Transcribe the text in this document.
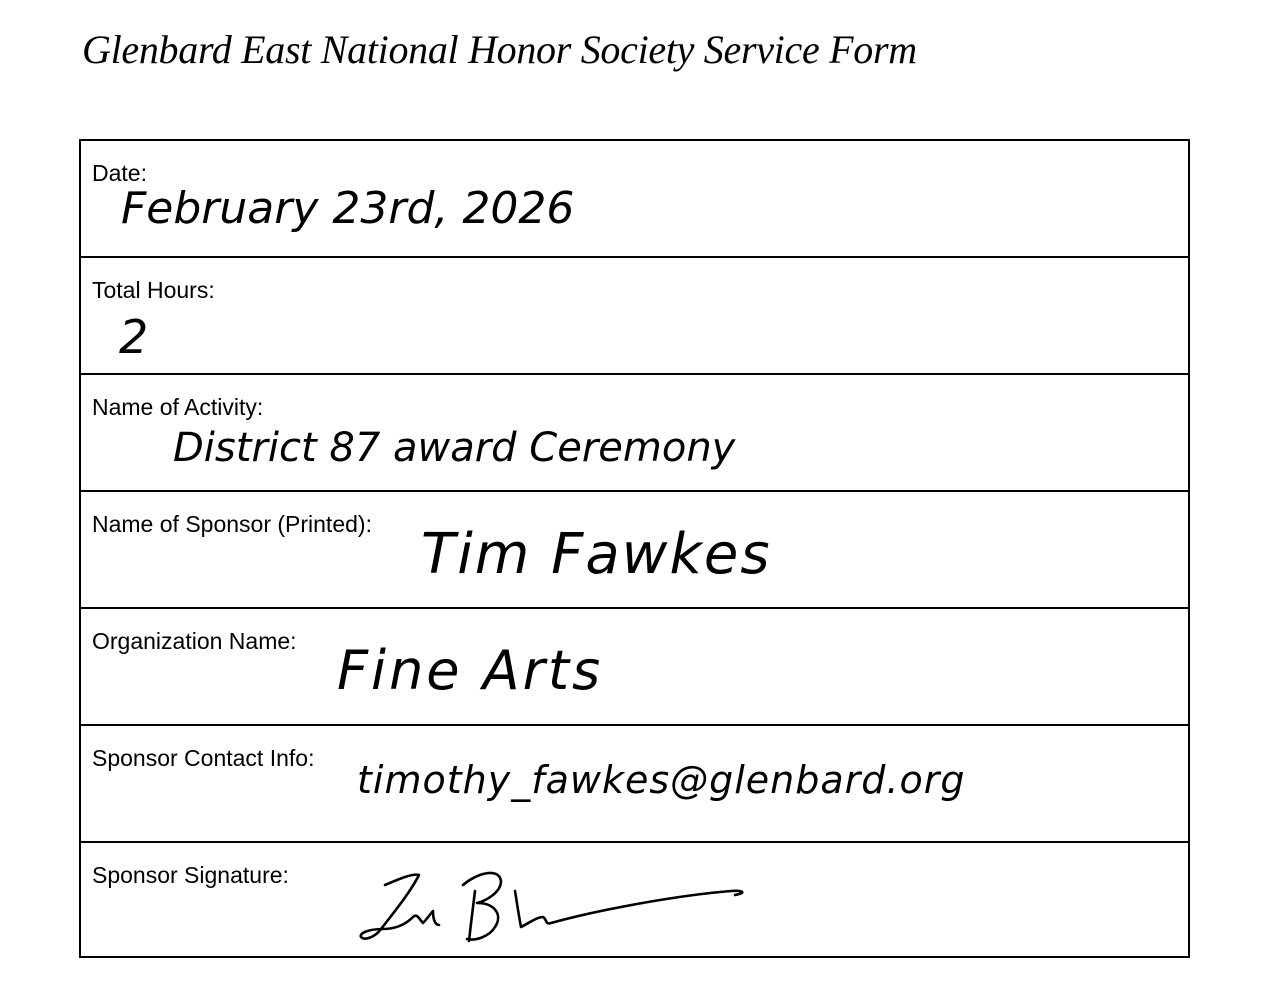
Glenbard East National Honor Society Service Form
Date:
February 23rd, 2026
Total Hours:
2
Name of Activity:
District 87 award Ceremony
Name of Sponsor (Printed): Tim Fawkes
Organization Name: Fine Arts
Sponsor Contact Info: timothy_fawkes@glenbard.org
Sponsor Signature:
